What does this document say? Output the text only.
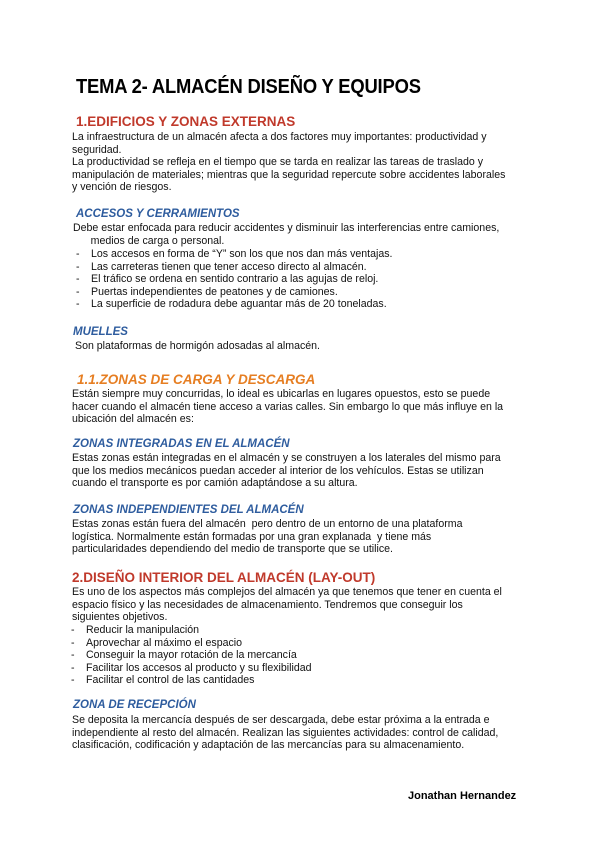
TEMA 2- ALMACÉN DISEÑO Y EQUIPOS
1.EDIFICIOS Y ZONAS EXTERNAS
La infraestructura de un almacén afecta a dos factores muy importantes: productividad y
seguridad.
La productividad se refleja en el tiempo que se tarda en realizar las tareas de traslado y
manipulación de materiales; mientras que la seguridad repercute sobre accidentes laborales
y vención de riesgos.
ACCESOS Y CERRAMIENTOS
Debe estar enfocada para reducir accidentes y disminuir las interferencias entre camiones,
medios de carga o personal.
- Los accesos en forma de “Y” son los que nos dan más ventajas.
- Las carreteras tienen que tener acceso directo al almacén.
- El tráfico se ordena en sentido contrario a las agujas de reloj.
- Puertas independientes de peatones y de camiones.
- La superficie de rodadura debe aguantar más de 20 toneladas.
MUELLES
Son plataformas de hormigón adosadas al almacén.
1.1.ZONAS DE CARGA Y DESCARGA
Están siempre muy concurridas, lo ideal es ubicarlas en lugares opuestos, esto se puede
hacer cuando el almacén tiene acceso a varias calles. Sin embargo lo que más influye en la
ubicación del almacén es:
ZONAS INTEGRADAS EN EL ALMACÉN
Estas zonas están integradas en el almacén y se construyen a los laterales del mismo para
que los medios mecánicos puedan acceder al interior de los vehículos. Estas se utilizan
cuando el transporte es por camión adaptándose a su altura.
ZONAS INDEPENDIENTES DEL ALMACÉN
Estas zonas están fuera del almacén  pero dentro de un entorno de una plataforma
logística. Normalmente están formadas por una gran explanada  y tiene más
particularidades dependiendo del medio de transporte que se utilice.
2.DISEÑO INTERIOR DEL ALMACÉN (LAY-OUT)
Es uno de los aspectos más complejos del almacén ya que tenemos que tener en cuenta el
espacio físico y las necesidades de almacenamiento. Tendremos que conseguir los
siguientes objetivos.
- Reducir la manipulación
- Aprovechar al máximo el espacio
- Conseguir la mayor rotación de la mercancía
- Facilitar los accesos al producto y su flexibilidad
- Facilitar el control de las cantidades
ZONA DE RECEPCIÓN
Se deposita la mercancía después de ser descargada, debe estar próxima a la entrada e
independiente al resto del almacén. Realizan las siguientes actividades: control de calidad,
clasificación, codificación y adaptación de las mercancías para su almacenamiento.
Jonathan Hernandez
